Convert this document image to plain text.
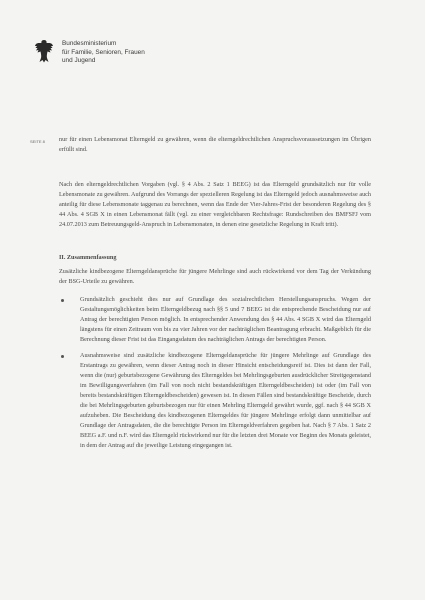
Bundesministerium
für Familie, Senioren, Frauen
und Jugend
SEITE 8 nur für einen Lebensmonat Elterngeld zu gewähren, wenn die elterngeldrechtlichen Anspruchsvoraussetzungen im Übrigen erfüllt sind.

Nach den elterngeldrechtlichen Vorgaben (vgl. § 4 Abs. 2 Satz 1 BEEG) ist das Elterngeld grundsätzlich nur für volle Lebensmonate zu gewähren. Aufgrund des Vorrangs der spezielleren Regelung ist das Elterngeld jedoch ausnahmsweise auch anteilig für diese Lebensmonate taggenau zu berechnen, wenn das Ende der Vier-Jahres-Frist der besonderen Regelung des § 44 Abs. 4 SGB X in einen Lebensmonat fällt (vgl. zu einer vergleichbaren Rechtsfrage: Rundschreiben des BMFSFJ vom 24.07.2013 zum Betreuungsgeld-Anspruch in Lebensmonaten, in denen eine gesetzliche Regelung in Kraft tritt).

II. Zusammenfassung

Zusätzliche kindbezogene Elterngeldansprüche für jüngere Mehrlinge sind auch rückwirkend vor dem Tag der Verkündung der BSG-Urteile zu gewähren.

Grundsätzlich geschieht dies nur auf Grundlage des sozialrechtlichen Herstellungsanspruchs. Wegen der Gestaltungsmöglichkeiten beim Elterngeldbezug nach §§ 5 und 7 BEEG ist die entsprechende Bescheidung nur auf Antrag der berechtigten Person möglich. In entsprechender Anwendung des § 44 Abs. 4 SGB X wird das Elterngeld längstens für einen Zeitraum von bis zu vier Jahren vor der nachträglichen Beantragung erbracht. Maßgeblich für die Berechnung dieser Frist ist das Eingangsdatum des nachträglichen Antrags der berechtigten Person.
Ausnahmsweise sind zusätzliche kindbezogene Elterngeldansprüche für jüngere Mehrlinge auf Grundlage des Erstantrags zu gewähren, wenn dieser Antrag noch in dieser Hinsicht entscheidungsreif ist. Dies ist dann der Fall, wenn die (nur) geburtsbezogene Gewährung des Elterngeldes bei Mehrlingsgeburten ausdrücklicher Streitgegenstand im Bewilligungsverfahren (im Fall von noch nicht bestandskräftigen Elterngeldbescheiden) ist oder (im Fall von bereits bestandskräftigen Elterngeldbescheiden) gewesen ist. In diesen Fällen sind bestandskräftige Bescheide, durch die bei Mehrlingsgeburten geburtsbezogen nur für einen Mehrling Elterngeld gewährt wurde, ggf. nach § 44 SGB X aufzuheben. Die Bescheidung des kindbezogenen Elterngeldes für jüngere Mehrlinge erfolgt dann unmittelbar auf Grundlage der Antragsdaten, die die berechtigte Person im Elterngeldverfahren gegeben hat. Nach § 7 Abs. 1 Satz 2 BEEG a.F. und n.F. wird das Elterngeld rückwirkend nur für die letzten drei Monate vor Beginn des Monats geleistet, in dem der Antrag auf die jeweilige Leistung eingegangen ist.
